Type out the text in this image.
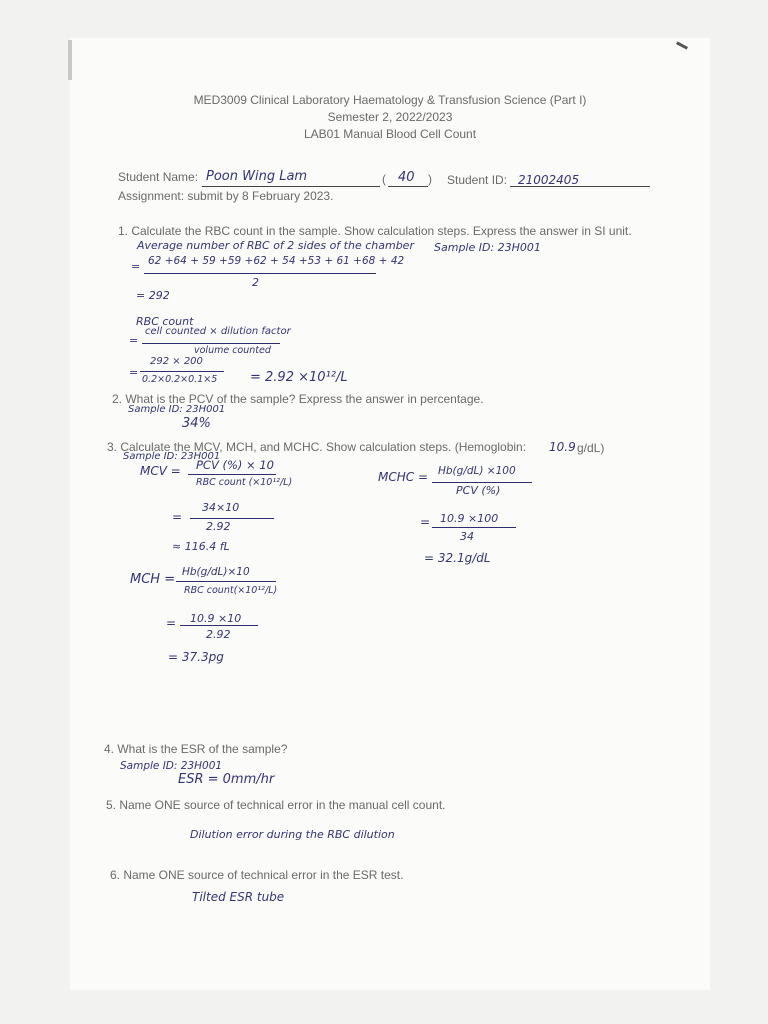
MED3009 Clinical Laboratory Haematology & Transfusion Science (Part I)
Semester 2, 2022/2023
LAB01 Manual Blood Cell Count
Student Name: Poon Wing Lam	( 40 ) Student ID: 21002405
Assignment: submit by 8 February 2023.
1. Calculate the RBC count in the sample. Show calculation steps. Express the answer in SI unit.
Average number of RBC of 2 sides of the chamber Sample ID: 23H001
= 62 +64 + 59 +59 +62 + 54 +53 + 61 +68 + 42
2
= 292
RBC count
=
cell counted × dilution factor
volume counted
=
292 × 200
0.2×0.2×0.1×5	= 2.92 ×10¹²/L
2. What is the PCV of the sample? Express the answer in percentage.
Sample ID: 23H001
34%
3. Calculate the MCV, MCH, and MCHC. Show calculation steps. (Hemoglobin: 10.9 g/dL)
Sample ID: 23H001
MCV = PCV (%) × 10
RBC count (×10¹²/L)
=
34×10
2.92
≈ 116.4 fL
MCH = Hb(g/dL)×10
RBC count(×10¹²/L)
= 10.9 ×10
2.92
= 37.3pg
MCHC = Hb(g/dL) ×100
PCV (%)
= 10.9 ×100
34
= 32.1g/dL
4. What is the ESR of the sample?
Sample ID: 23H001
ESR = 0mm/hr
5. Name ONE source of technical error in the manual cell count.
Dilution error during the RBC dilution
6. Name ONE source of technical error in the ESR test.
Tilted ESR tube
